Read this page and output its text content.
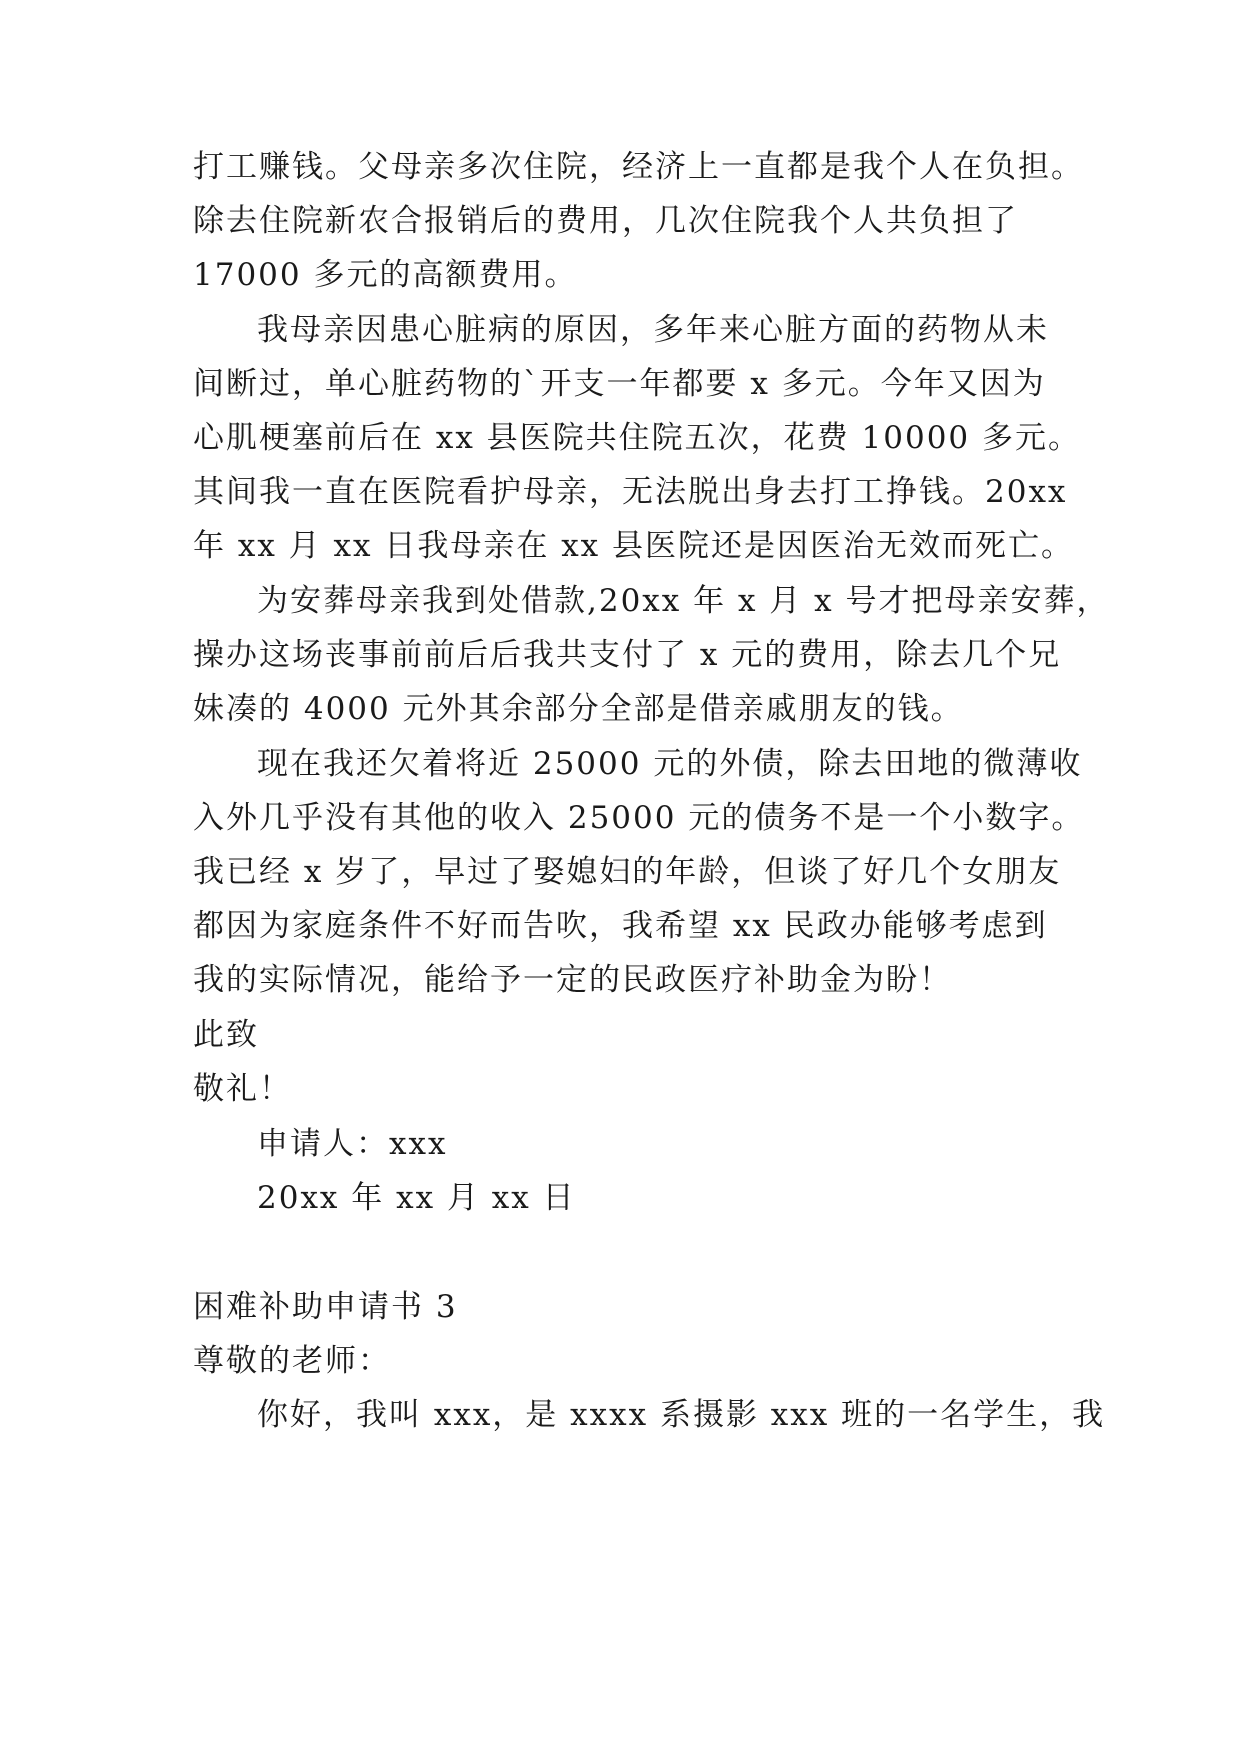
打工赚钱。父母亲多次住院，经济上一直都是我个人在负担。
除去住院新农合报销后的费用，几次住院我个人共负担了
17000 多元的高额费用。
我母亲因患心脏病的原因，多年来心脏方面的药物从未
间断过，单心脏药物的`开支一年都要 x 多元。今年又因为
心肌梗塞前后在 xx 县医院共住院五次，花费 10000 多元。
其间我一直在医院看护母亲，无法脱出身去打工挣钱。20xx
年 xx 月 xx 日我母亲在 xx 县医院还是因医治无效而死亡。
为安葬母亲我到处借款,20xx 年 x 月 x 号才把母亲安葬，
操办这场丧事前前后后我共支付了 x 元的费用，除去几个兄
妹凑的 4000 元外其余部分全部是借亲戚朋友的钱。
现在我还欠着将近 25000 元的外债，除去田地的微薄收
入外几乎没有其他的收入 25000 元的债务不是一个小数字。
我已经 x 岁了，早过了娶媳妇的年龄，但谈了好几个女朋友
都因为家庭条件不好而告吹，我希望 xx 民政办能够考虑到
我的实际情况，能给予一定的民政医疗补助金为盼！
此致
敬礼！
申请人：xxx
20xx 年 xx 月 xx 日
困难补助申请书 3
尊敬的老师：
你好，我叫 xxx，是 xxxx 系摄影 xxx 班的一名学生，我
